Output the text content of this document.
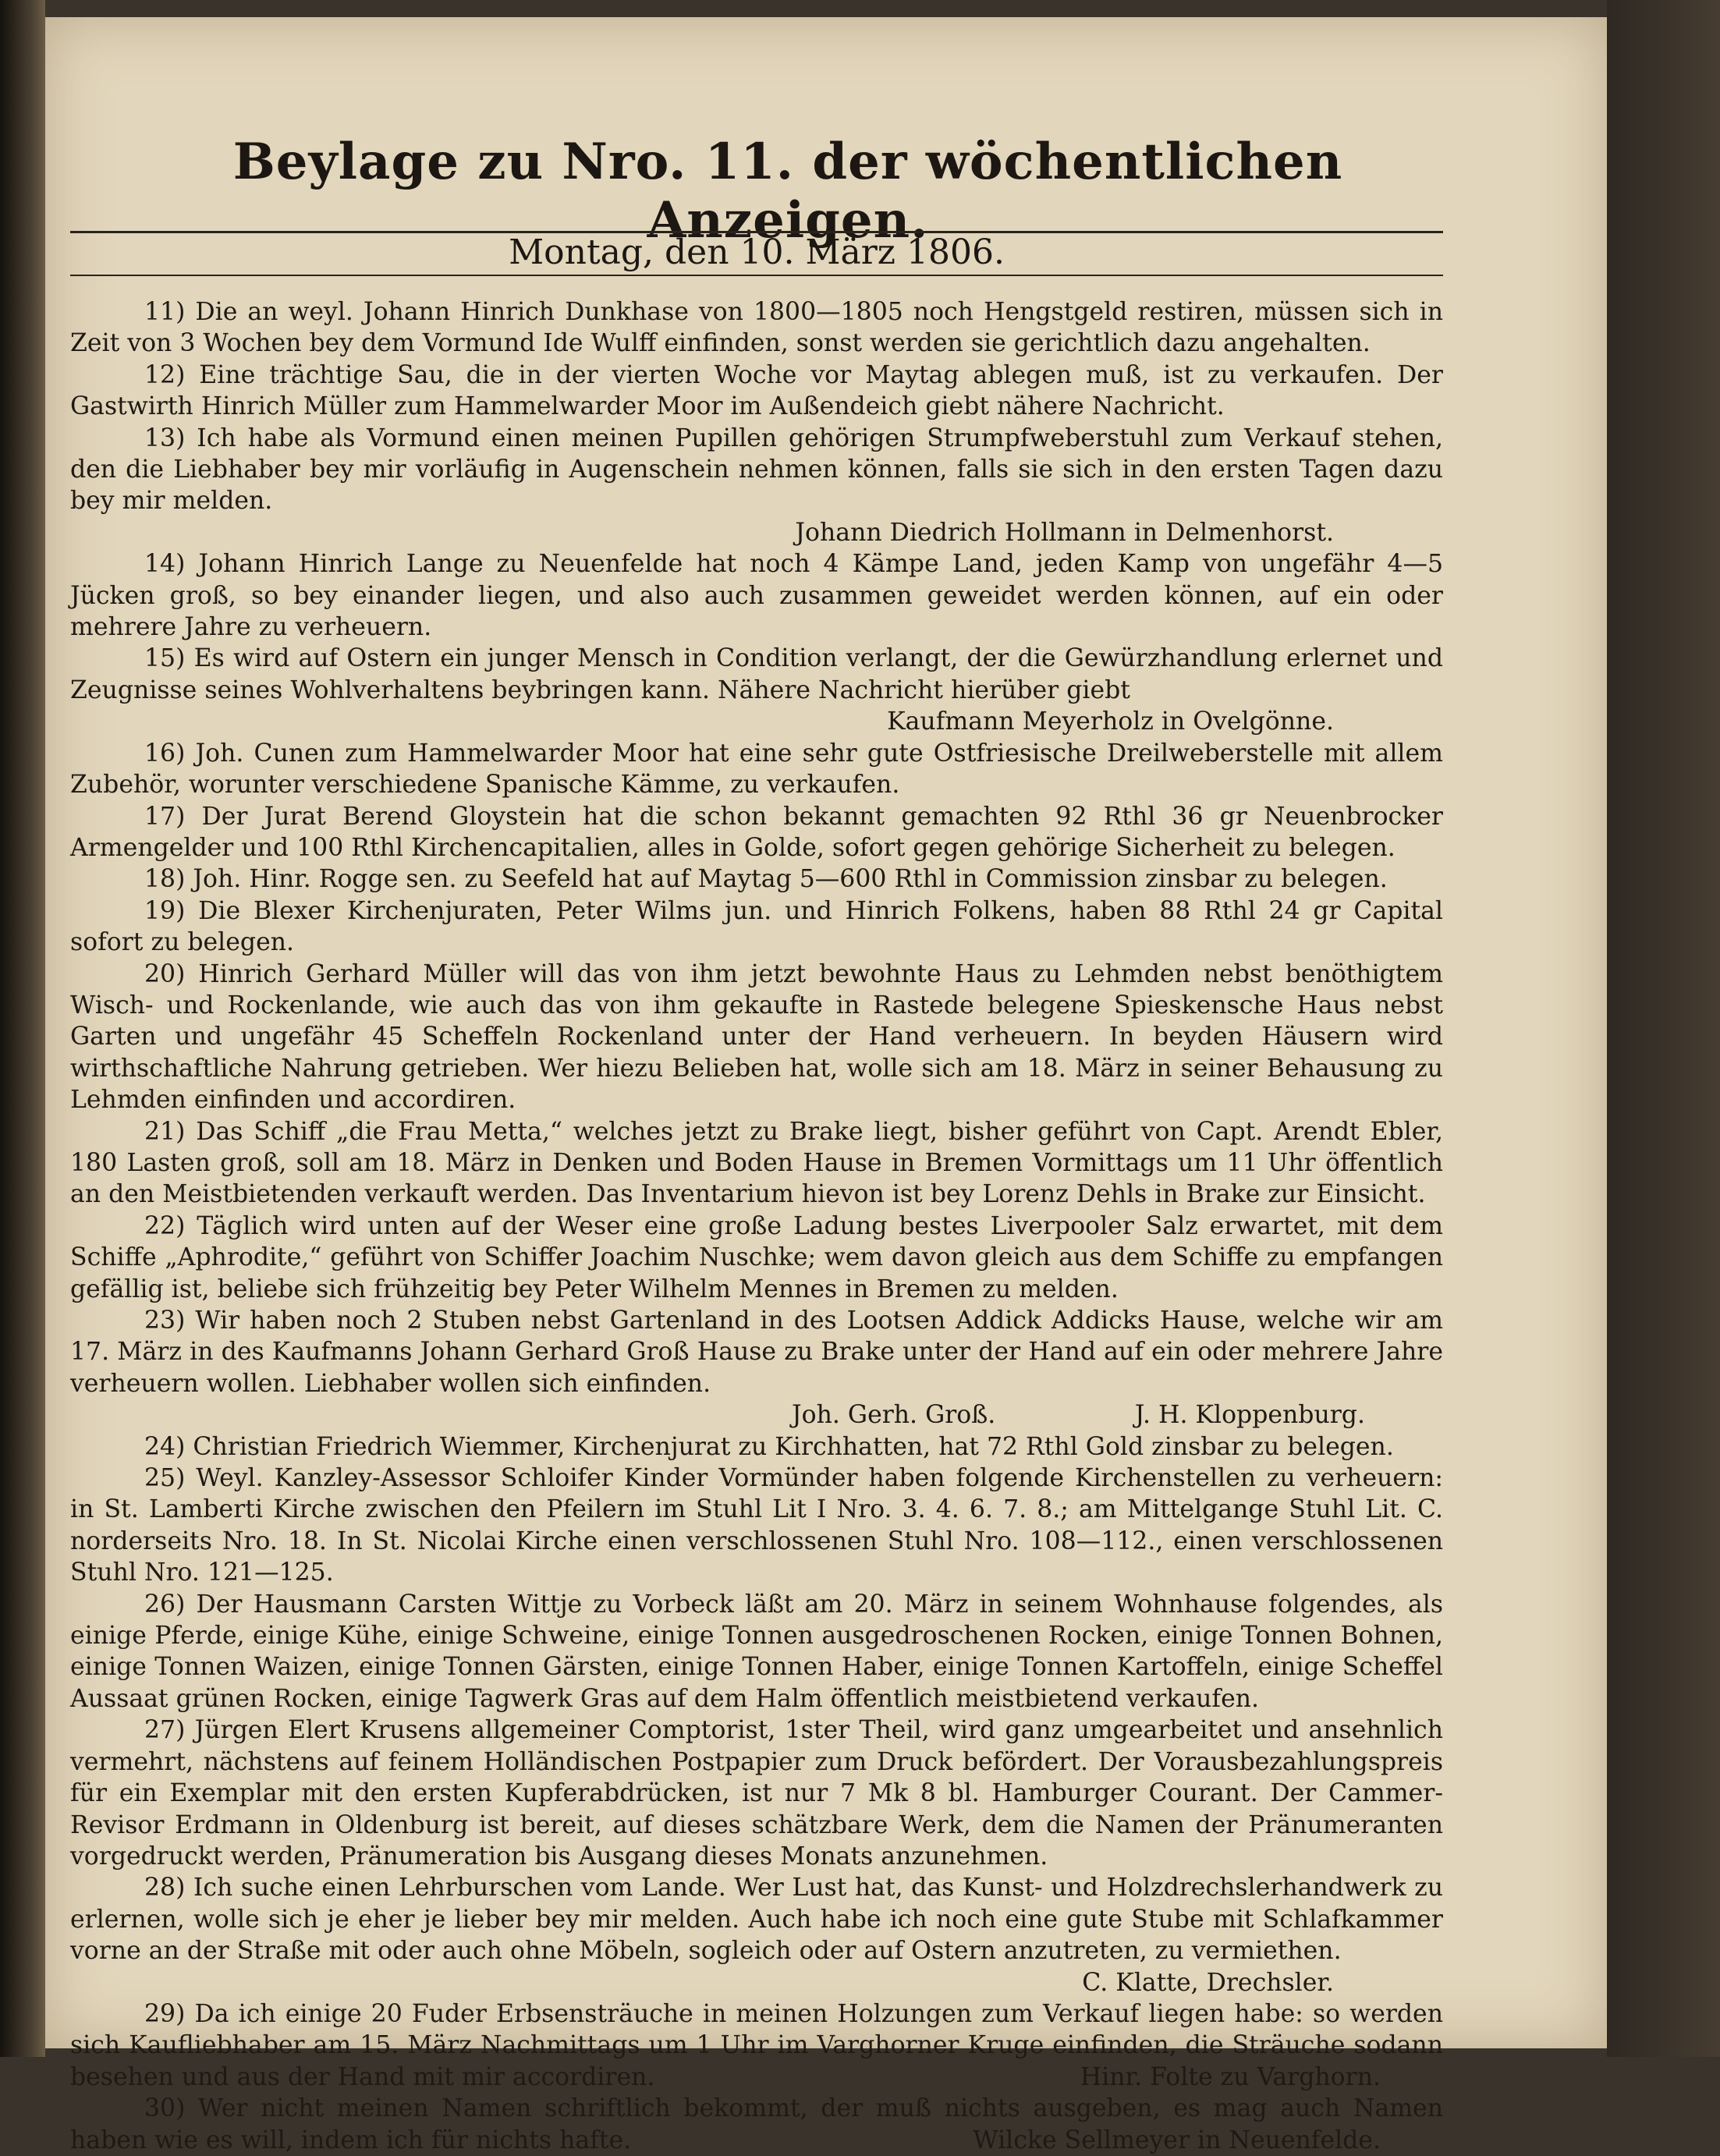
Beylage zu Nro. 11. der wöchentlichen Anzeigen.
Montag, den 10. März 1806.

11) Die an weyl. Johann Hinrich Dunkhase von 1800—1805 noch Hengstgeld restiren, müssen sich in Zeit von 3 Wochen bey dem Vormund Ide Wulff einfinden, sonst werden sie gerichtlich dazu angehalten.

12) Eine trächtige Sau, die in der vierten Woche vor Maytag ablegen muß, ist zu verkaufen. Der Gastwirth Hinrich Müller zum Hammelwarder Moor im Außendeich giebt nähere Nachricht.

13) Ich habe als Vormund einen meinen Pupillen gehörigen Strumpfweberstuhl zum Verkauf stehen, den die Liebhaber bey mir vorläufig in Augenschein nehmen können, falls sie sich in den ersten Tagen dazu bey mir melden.
Johann Diedrich Hollmann in Delmenhorst.

14) Johann Hinrich Lange zu Neuenfelde hat noch 4 Kämpe Land, jeden Kamp von ungefähr 4—5 Jücken groß, so bey einander liegen, und also auch zusammen geweidet werden können, auf ein oder mehrere Jahre zu verheuern.

15) Es wird auf Ostern ein junger Mensch in Condition verlangt, der die Gewürzhandlung erlernet und Zeugnisse seines Wohlverhaltens beybringen kann. Nähere Nachricht hierüber giebt
Kaufmann Meyerholz in Ovelgönne.

16) Joh. Cunen zum Hammelwarder Moor hat eine sehr gute Ostfriesische Dreilweberstelle mit allem Zubehör, worunter verschiedene Spanische Kämme, zu verkaufen.

17) Der Jurat Berend Gloystein hat die schon bekannt gemachten 92 Rthl 36 gr Neuenbrocker Armengelder und 100 Rthl Kirchencapitalien, alles in Golde, sofort gegen gehörige Sicherheit zu belegen.

18) Joh. Hinr. Rogge sen. zu Seefeld hat auf Maytag 5—600 Rthl in Commission zinsbar zu belegen.

19) Die Blexer Kirchenjuraten, Peter Wilms jun. und Hinrich Folkens, haben 88 Rthl 24 gr Capital sofort zu belegen.

20) Hinrich Gerhard Müller will das von ihm jetzt bewohnte Haus zu Lehmden nebst benöthigtem Wisch- und Rockenlande, wie auch das von ihm gekaufte in Rastede belegene Spieskensche Haus nebst Garten und ungefähr 45 Scheffeln Rockenland unter der Hand verheuern. In beyden Häusern wird wirthschaftliche Nahrung getrieben. Wer hiezu Belieben hat, wolle sich am 18. März in seiner Behausung zu Lehmden einfinden und accordiren.

21) Das Schiff „die Frau Metta,“ welches jetzt zu Brake liegt, bisher geführt von Capt. Arendt Ebler, 180 Lasten groß, soll am 18. März in Denken und Boden Hause in Bremen Vormittags um 11 Uhr öffentlich an den Meistbietenden verkauft werden. Das Inventarium hievon ist bey Lorenz Dehls in Brake zur Einsicht.

22) Täglich wird unten auf der Weser eine große Ladung bestes Liverpooler Salz erwartet, mit dem Schiffe „Aphrodite,“ geführt von Schiffer Joachim Nuschke; wem davon gleich aus dem Schiffe zu empfangen gefällig ist, beliebe sich frühzeitig bey Peter Wilhelm Mennes in Bremen zu melden.

23) Wir haben noch 2 Stuben nebst Gartenland in des Lootsen Addick Addicks Hause, welche wir am 17. März in des Kaufmanns Johann Gerhard Groß Hause zu Brake unter der Hand auf ein oder mehrere Jahre verheuern wollen. Liebhaber wollen sich einfinden.
Joh. Gerh. Groß.	J. H. Kloppenburg.

24) Christian Friedrich Wiemmer, Kirchenjurat zu Kirchhatten, hat 72 Rthl Gold zinsbar zu belegen.

25) Weyl. Kanzley-Assessor Schloifer Kinder Vormünder haben folgende Kirchenstellen zu verheuern: in St. Lamberti Kirche zwischen den Pfeilern im Stuhl Lit I Nro. 3. 4. 6. 7. 8.; am Mittelgange Stuhl Lit. C. norderseits Nro. 18. In St. Nicolai Kirche einen verschlossenen Stuhl Nro. 108—112., einen verschlossenen Stuhl Nro. 121—125.

26) Der Hausmann Carsten Wittje zu Vorbeck läßt am 20. März in seinem Wohnhause folgendes, als einige Pferde, einige Kühe, einige Schweine, einige Tonnen ausgedroschenen Rocken, einige Tonnen Bohnen, einige Tonnen Waizen, einige Tonnen Gärsten, einige Tonnen Haber, einige Tonnen Kartoffeln, einige Scheffel Aussaat grünen Rocken, einige Tagwerk Gras auf dem Halm öffentlich meistbietend verkaufen.

27) Jürgen Elert Krusens allgemeiner Comptorist, 1ster Theil, wird ganz umgearbeitet und ansehnlich vermehrt, nächstens auf feinem Holländischen Postpapier zum Druck befördert. Der Vorausbezahlungspreis für ein Exemplar mit den ersten Kupferabdrücken, ist nur 7 Mk 8 bl. Hamburger Courant. Der Cammer-Revisor Erdmann in Oldenburg ist bereit, auf dieses schätzbare Werk, dem die Namen der Pränumeranten vorgedruckt werden, Pränumeration bis Ausgang dieses Monats anzunehmen.

28) Ich suche einen Lehrburschen vom Lande. Wer Lust hat, das Kunst- und Holzdrechslerhandwerk zu erlernen, wolle sich je eher je lieber bey mir melden. Auch habe ich noch eine gute Stube mit Schlafkammer vorne an der Straße mit oder auch ohne Möbeln, sogleich oder auf Ostern anzutreten, zu vermiethen.
C. Klatte, Drechsler.

29) Da ich einige 20 Fuder Erbsensträuche in meinen Holzungen zum Verkauf liegen habe: so werden sich Kaufliebhaber am 15. März Nachmittags um 1 Uhr im Varghorner Kruge einfinden, die Sträuche sodann besehen und aus der Hand mit mir accordiren.	Hinr. Folte zu Varghorn.

30) Wer nicht meinen Namen schriftlich bekommt, der muß nichts ausgeben, es mag auch Namen haben wie es will, indem ich für nichts hafte.	Wilcke Sellmeyer in Neuenfelde.
